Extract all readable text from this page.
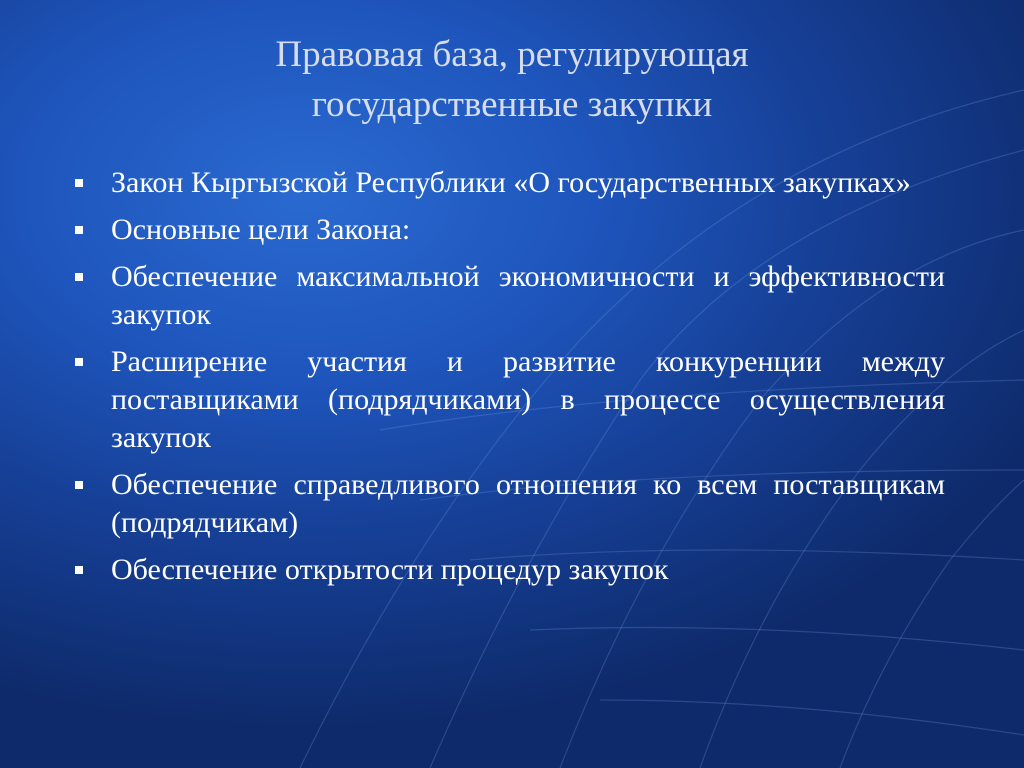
Правовая база, регулирующая
государственные закупки
Закон Кыргызской Республики «О государственных закупках»
Основные цели Закона:
Обеспечение максимальной экономичности и эффективности закупок
Расширение участия и развитие конкуренции между поставщиками (подрядчиками) в процессе осуществления закупок
Обеспечение справедливого отношения ко всем поставщикам (подрядчикам)
Обеспечение открытости процедур закупок
